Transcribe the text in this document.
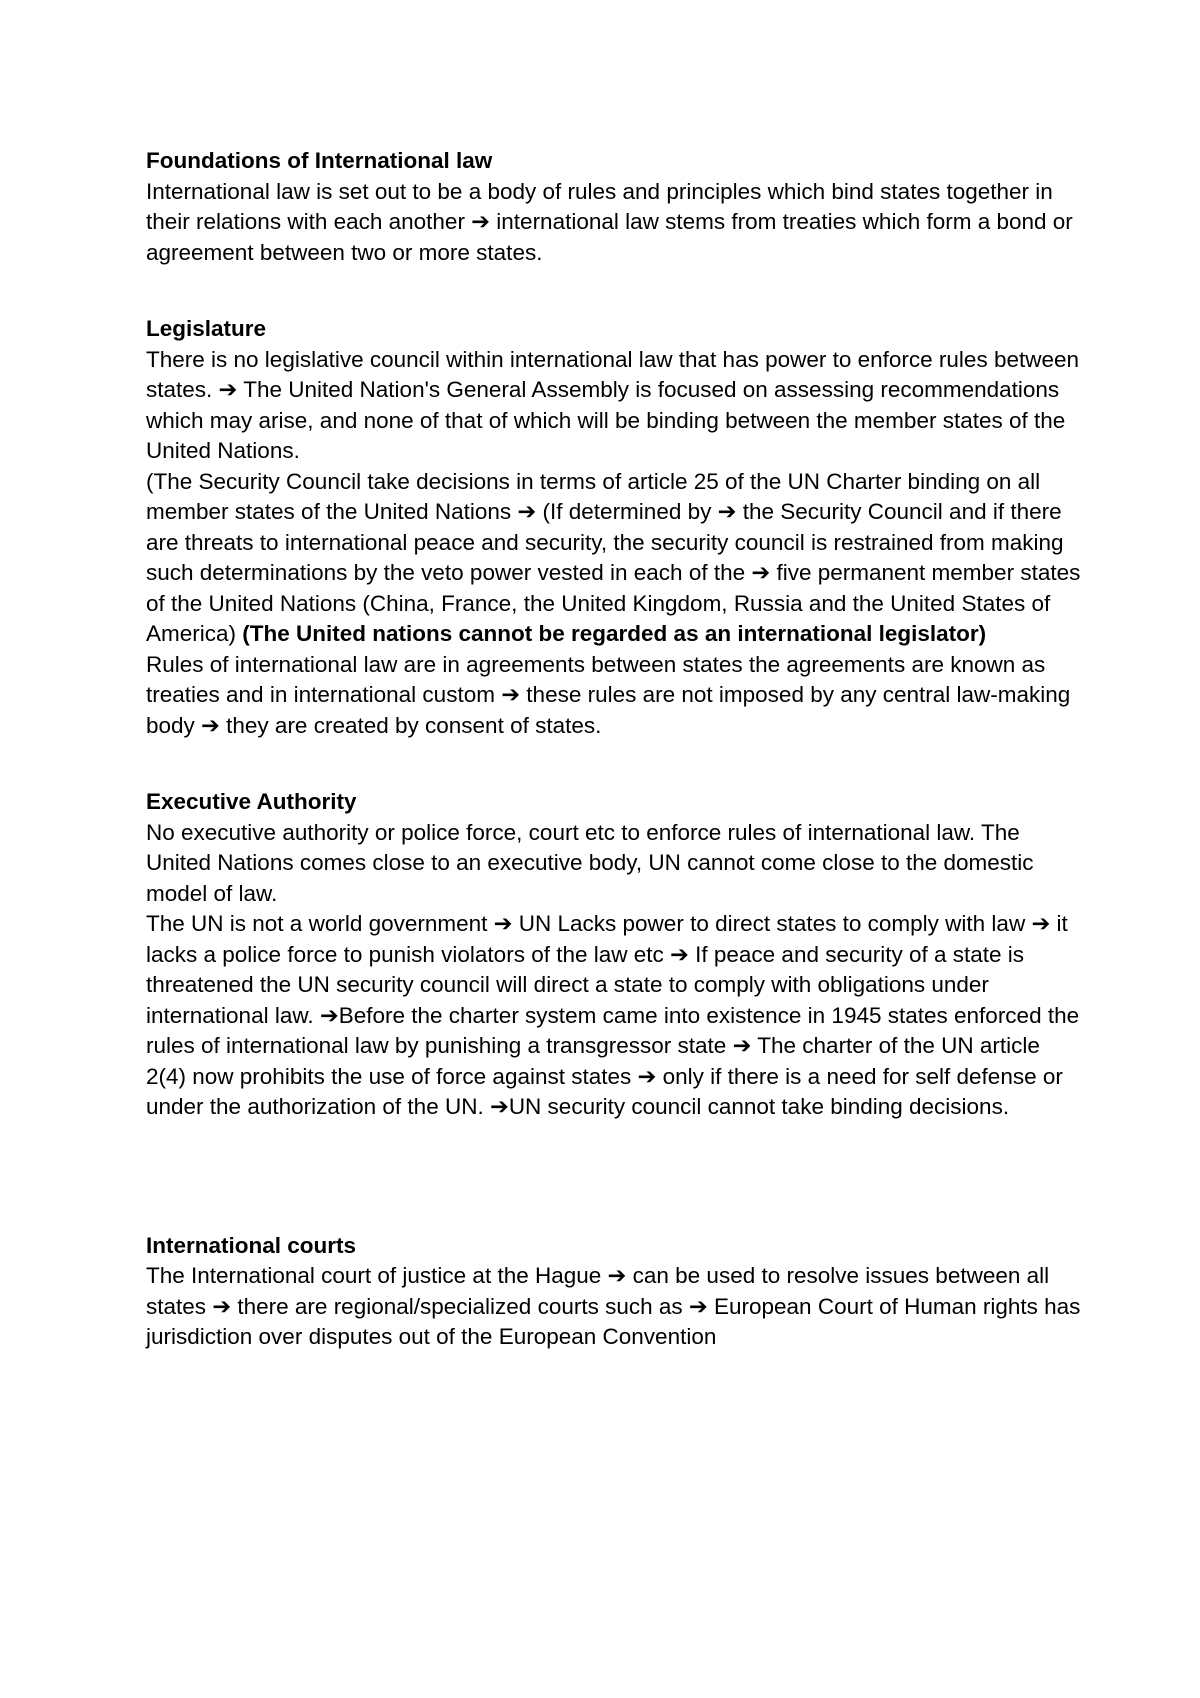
Foundations of International law

International law is set out to be a body of rules and principles which bind states together in their relations with each another ➔ international law stems from treaties which form a bond or agreement between two or more states.

Legislature

There is no legislative council within international law that has power to enforce rules between states. ➔ The United Nation's General Assembly is focused on assessing recommendations which may arise, and none of that of which will be binding between the member states of the United Nations.

(The Security Council take decisions in terms of article 25 of the UN Charter binding on all member states of the United Nations ➔ (If determined by ➔ the Security Council and if there are threats to international peace and security, the security council is restrained from making such determinations by the veto power vested in each of the ➔ five permanent member states of the United Nations (China, France, the United Kingdom, Russia and the United States of America) (The United nations cannot be regarded as an international legislator)

Rules of international law are in agreements between states the agreements are known as treaties and in international custom ➔ these rules are not imposed by any central law-making body ➔ they are created by consent of states.

Executive Authority

No executive authority or police force, court etc to enforce rules of international law. The United Nations comes close to an executive body, UN cannot come close to the domestic model of law.

The UN is not a world government ➔ UN Lacks power to direct states to comply with law ➔ it lacks a police force to punish violators of the law etc ➔ If peace and security of a state is threatened the UN security council will direct a state to comply with obligations under international law. ➔Before the charter system came into existence in 1945 states enforced the rules of international law by punishing a transgressor state ➔ The charter of the UN article 2(4) now prohibits the use of force against states ➔ only if there is a need for self defense or under the authorization of the UN. ➔UN security council cannot take binding decisions.

International courts

The International court of justice at the Hague ➔ can be used to resolve issues between all states ➔ there are regional/specialized courts such as ➔ European Court of Human rights has jurisdiction over disputes out of the European Convention
